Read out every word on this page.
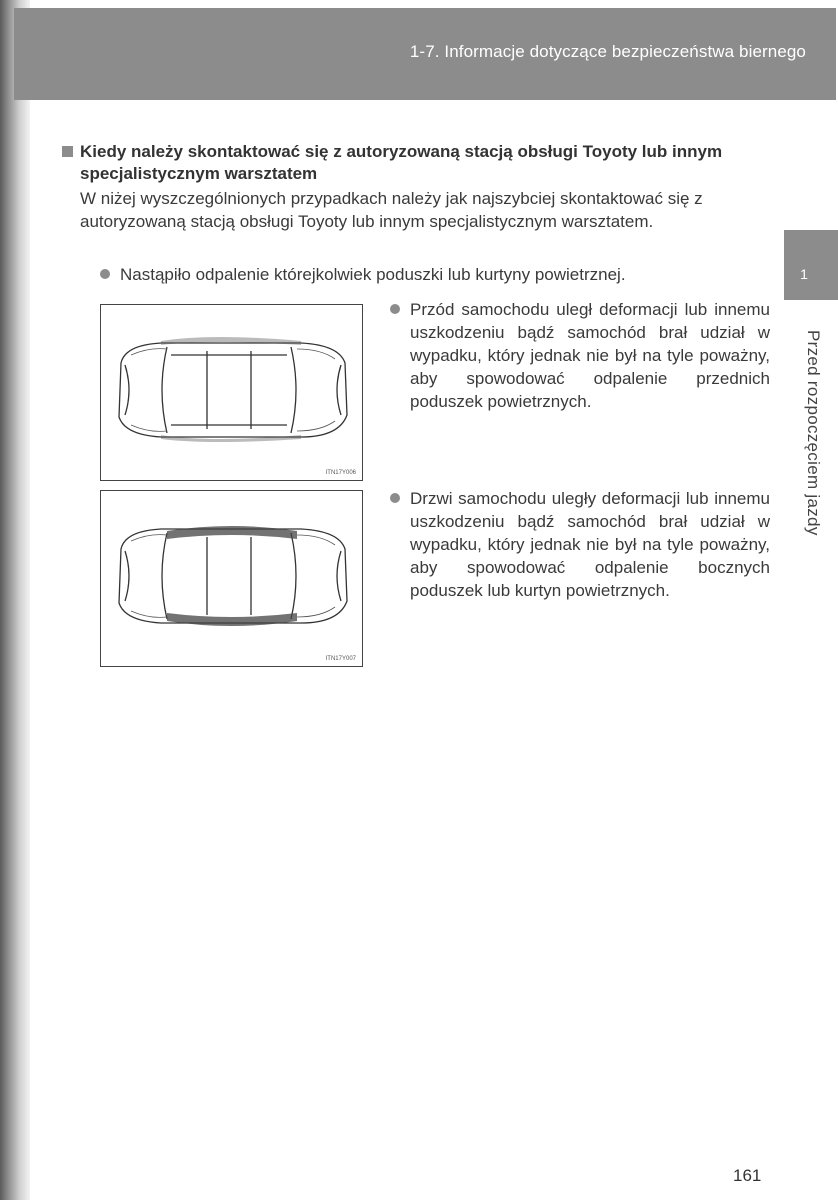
1-7. Informacje dotyczące bezpieczeństwa biernego
1
Przed rozpoczęciem jazdy
Kiedy należy skontaktować się z autoryzowaną stacją obsługi Toyoty lub innym specjalistycznym warsztatem
W niżej wyszczególnionych przypadkach należy jak najszybciej skontaktować się z autoryzowaną stacją obsługi Toyoty lub innym specjalistycznym warsztatem.
Nastąpiło odpalenie którejkolwiek poduszki lub kurtyny powietrznej.
ITN17Y006
Przód samochodu uległ deformacji lub innemu uszkodzeniu bądź samochód brał udział w wypadku, który jednak nie był na tyle poważny, aby spowodować odpalenie przednich poduszek powietrznych.
ITN17Y007
Drzwi samochodu uległy deformacji lub innemu uszkodzeniu bądź samochód brał udział w wypadku, który jednak nie był na tyle poważny, aby spowodować odpalenie bocznych poduszek lub kurtyn powietrznych.
161
